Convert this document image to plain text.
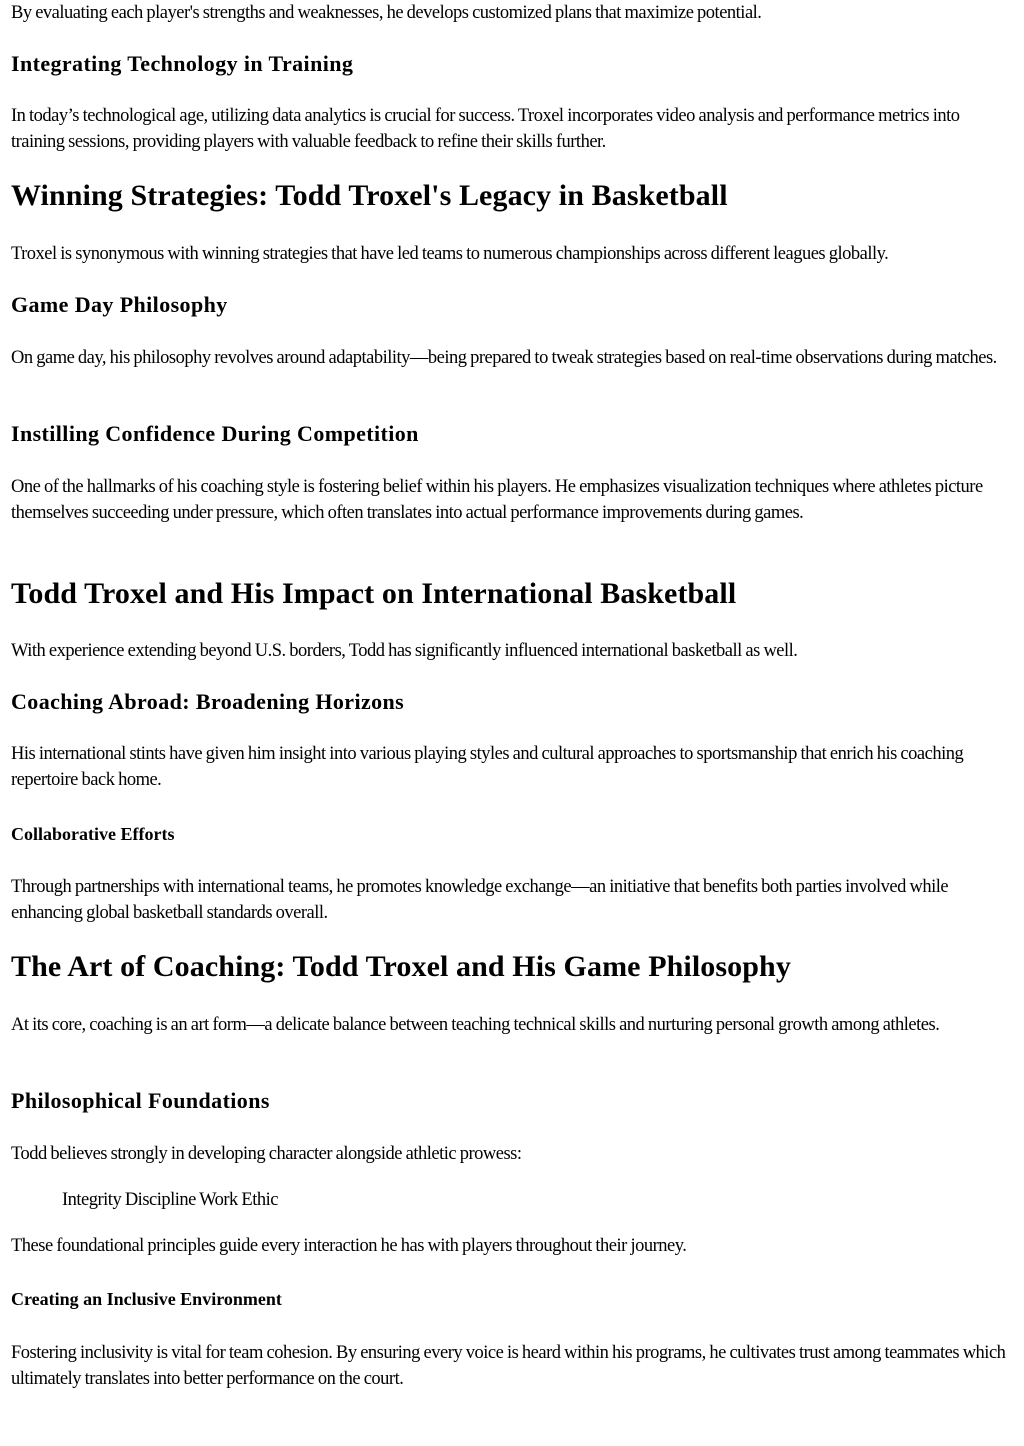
By evaluating each player's strengths and weaknesses, he develops customized plans that maximize potential.

Integrating Technology in Training

In today’s technological age, utilizing data analytics is crucial for success. Troxel incorporates video analysis and performance metrics into training sessions, providing players with valuable feedback to refine their skills further.

Winning Strategies: Todd Troxel's Legacy in Basketball

Troxel is synonymous with winning strategies that have led teams to numerous championships across different leagues globally.

Game Day Philosophy

On game day, his philosophy revolves around adaptability—being prepared to tweak strategies based on real-time observations during matches.

Instilling Confidence During Competition

One of the hallmarks of his coaching style is fostering belief within his players. He emphasizes visualization techniques where athletes picture themselves succeeding under pressure, which often translates into actual performance improvements during games.

Todd Troxel and His Impact on International Basketball

With experience extending beyond U.S. borders, Todd has significantly influenced international basketball as well.

Coaching Abroad: Broadening Horizons

His international stints have given him insight into various playing styles and cultural approaches to sportsmanship that enrich his coaching repertoire back home.

Collaborative Efforts

Through partnerships with international teams, he promotes knowledge exchange—an initiative that benefits both parties involved while enhancing global basketball standards overall.

The Art of Coaching: Todd Troxel and His Game Philosophy

At its core, coaching is an art form—a delicate balance between teaching technical skills and nurturing personal growth among athletes.

Philosophical Foundations

Todd believes strongly in developing character alongside athletic prowess:

Integrity Discipline Work Ethic

These foundational principles guide every interaction he has with players throughout their journey.

Creating an Inclusive Environment

Fostering inclusivity is vital for team cohesion. By ensuring every voice is heard within his programs, he cultivates trust among teammates which ultimately translates into better performance on the court.
